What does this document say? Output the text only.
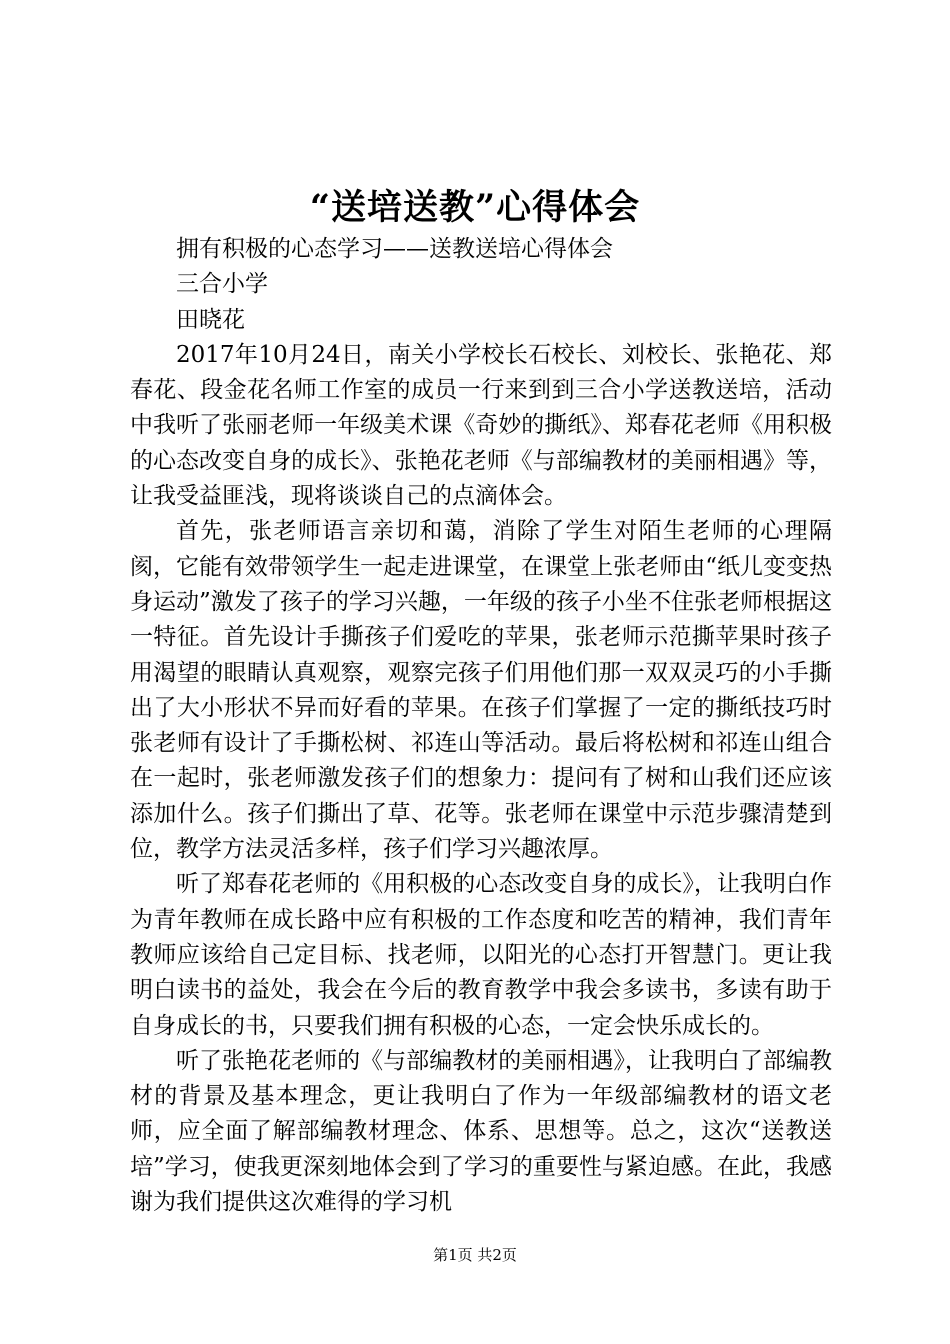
“送培送教”心得体会

拥有积极的心态学习——送教送培心得体会

三合小学

田晓花

2017年10月24日，南关小学校长石校长、刘校长、张艳花、郑春花、段金花名师工作室的成员一行来到到三合小学送教送培，活动中我听了张丽老师一年级美术课《奇妙的撕纸》、郑春花老师《用积极的心态改变自身的成长》、张艳花老师《与部编教材的美丽相遇》等，让我受益匪浅，现将谈谈自己的点滴体会。

首先，张老师语言亲切和蔼，消除了学生对陌生老师的心理隔阂，它能有效带领学生一起走进课堂，在课堂上张老师由“纸儿变变热身运动”激发了孩子的学习兴趣，一年级的孩子小坐不住张老师根据这一特征。首先设计手撕孩子们爱吃的苹果，张老师示范撕苹果时孩子用渴望的眼睛认真观察，观察完孩子们用他们那一双双灵巧的小手撕出了大小形状不异而好看的苹果。在孩子们掌握了一定的撕纸技巧时张老师有设计了手撕松树、祁连山等活动。最后将松树和祁连山组合在一起时，张老师激发孩子们的想象力：提问有了树和山我们还应该添加什么。孩子们撕出了草、花等。张老师在课堂中示范步骤清楚到位，教学方法灵活多样，孩子们学习兴趣浓厚。

听了郑春花老师的《用积极的心态改变自身的成长》，让我明白作为青年教师在成长路中应有积极的工作态度和吃苦的精神，我们青年教师应该给自己定目标、找老师，以阳光的心态打开智慧门。更让我明白读书的益处，我会在今后的教育教学中我会多读书，多读有助于自身成长的书，只要我们拥有积极的心态，一定会快乐成长的。

听了张艳花老师的《与部编教材的美丽相遇》，让我明白了部编教材的背景及基本理念，更让我明白了作为一年级部编教材的语文老师，应全面了解部编教材理念、体系、思想等。总之，这次“送教送培”学习，使我更深刻地体会到了学习的重要性与紧迫感。在此，我感谢为我们提供这次难得的学习机

第1页 共2页
